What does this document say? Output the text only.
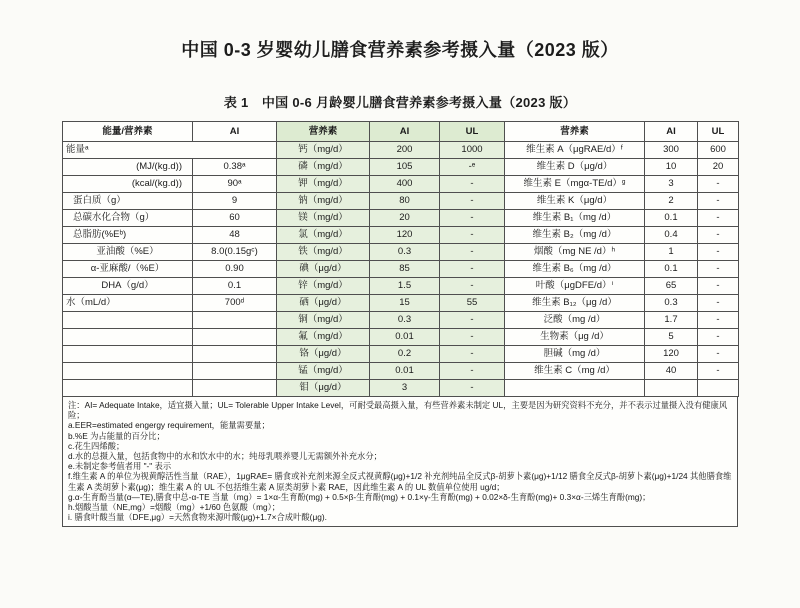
中国 0-3 岁婴幼儿膳食营养素参考摄入量（2023 版）
表 1　中国 0-6 月龄婴儿膳食营养素参考摄入量（2023 版）
能量/营养素	AI	营养素	AI	UL	营养素	AI	UL
能量ᵃ		钙（mg/d）	200	1000	维生素 A（μgRAE/d）ᶠ	300	600
(MJ/(kg.d))	0.38ᵃ	磷（mg/d）	105	-ᵉ	维生素 D（μg/d）	10	20
(kcal/(kg.d))	90ᵃ	钾（mg/d）	400	-	维生素 E（mgα-TE/d）ᵍ	3	-
蛋白质（g）	9	钠（mg/d）	80	-	维生素 K（μg/d）	2	-
总碳水化合物（g）	60	镁（mg/d）	20	-	维生素 B₁（mg /d）	0.1	-
总脂肪(%Eᵇ)	48	氯（mg/d）	120	-	维生素 B₂（mg /d）	0.4	-
亚油酸（%E）	8.0(0.15gᶜ)	铁（mg/d）	0.3	-	烟酸（mg NE /d）ʰ	1	-
α-亚麻酸/（%E）	0.90	碘（μg/d）	85	-	维生素 B₆（mg /d）	0.1	-
DHA（g/d）	0.1	锌（mg/d）	1.5	-	叶酸（μgDFE/d）ⁱ	65	-
水（mL/d）	700ᵈ	硒（μg/d）	15	55	维生素 B₁₂（μg /d）	0.3	-
		铜（mg/d）	0.3	-	泛酸（mg /d）	1.7	-
		氟（mg/d）	0.01	-	生物素（μg /d）	5	-
		铬（μg/d）	0.2	-	胆碱（mg /d）	120	-
		锰（mg/d）	0.01	-	维生素 C（mg /d）	40	-
		钼（μg/d）	3	-			
注：AI= Adequate Intake，适宜摄入量；UL= Tolerable Upper Intake Level，可耐受最高摄入量，有些营养素未制定 UL，主要是因为研究资料不充分，并不表示过量摄入没有健康风险；
a.EER=estimated engergy requirement，能量需要量；
b.%E 为占能量的百分比；
c.花生四烯酸；
d.水的总摄入量，包括食物中的水和饮水中的水；纯母乳喂养婴儿无需额外补充水分；
e.未制定参考值者用 "-" 表示
f.维生素 A 的单位为视黄醇活性当量（RAE），1μgRAE= 膳食或补充剂来源全反式视黄醇(μg)+1/2 补充剂纯品全反式β-胡萝卜素(μg)+1/12 膳食全反式β-胡萝卜素(μg)+1/24 其他膳食维生素 A 类胡萝卜素(μg)；维生素 A 的 UL 不包括维生素 A 原类胡萝卜素 RAE，因此维生素 A 的 UL 数值单位使用 ug/d；
g.α-生育酚当量(α—TE),膳食中总-α-TE 当量（mg）= 1×α-生育酚(mg) + 0.5×β-生育酚(mg) + 0.1×γ-生育酚(mg) + 0.02×δ-生育酚(mg)+ 0.3×α-三烯生育酚(mg)；
h.烟酸当量（NE,mg）=烟酸（mg）+1/60 色氨酸（mg）；
i. 膳食叶酸当量（DFE,μg）=天然食物来源叶酸(μg)+1.7×合成叶酸(μg).
